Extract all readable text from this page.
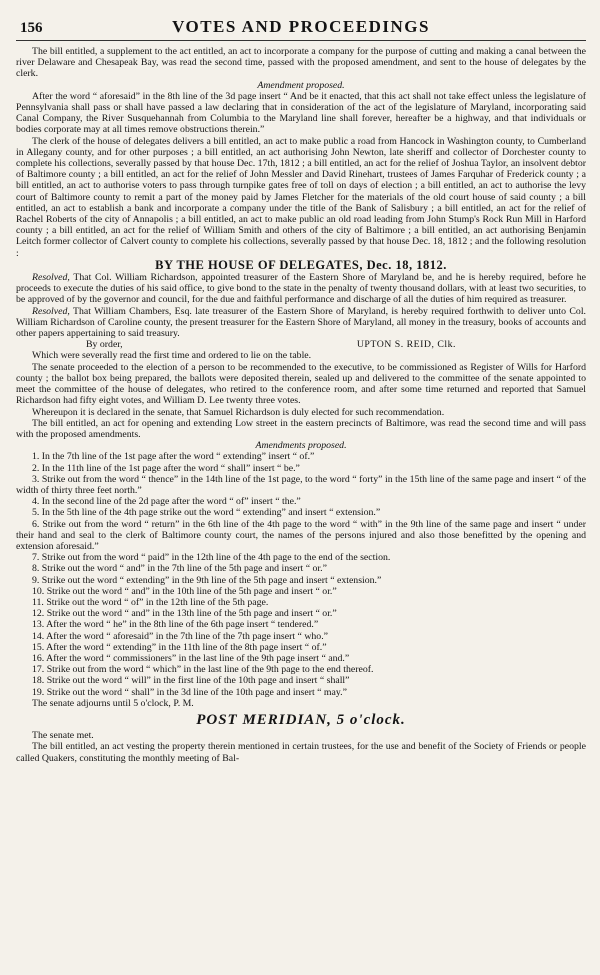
156	VOTES AND PROCEEDINGS

The bill entitled, a supplement to the act entitled, an act to incorporate a company for the purpose of cutting and making a canal between the river Delaware and Chesapeak Bay, was read the second time, passed with the proposed amendment, and sent to the house of delegates by the clerk.

Amendment proposed.

After the word “ aforesaid” in the 8th line of the 3d page insert “ And be it enacted, that this act shall not take effect unless the legislature of Pennsylvania shall pass or shall have passed a law declaring that in consideration of the act of the legislature of Maryland, incorporating said Canal Company, the River Susquehannah from Columbia to the Maryland line shall forever, hereafter be a highway, and that individuals or bodies corporate may at all times remove obstructions therein.”

The clerk of the house of delegates delivers a bill entitled, an act to make public a road from Hancock in Washington county, to Cumberland in Allegany county, and for other purposes ; a bill entitled, an act authorising John Newton, late sheriff and collector of Dorchester county to complete his collections, severally passed by that house Dec. 17th, 1812 ; a bill entitled, an act for the relief of Joshua Taylor, an insolvent debtor of Baltimore county ; a bill entitled, an act for the relief of John Messler and David Rinehart, trustees of James Farquhar of Frederick county ; a bill entitled, an act to authorise voters to pass through turnpike gates free of toll on days of election ; a bill entitled, an act to authorise the levy court of Baltimore county to remit a part of the money paid by James Fletcher for the materials of the old court house of said county ; a bill entitled, an act to establish a bank and incorporate a company under the title of the Bank of Salisbury ; a bill entitled, an act for the relief of Rachel Roberts of the city of Annapolis ; a bill entitled, an act to make public an old road leading from John Stump's Rock Run Mill in Harford county ; a bill entitled, an act for the relief of William Smith and others of the city of Baltimore ; a bill entitled, an act authorising Benjamin Leitch former collector of Calvert county to complete his collections, severally passed by that house Dec. 18, 1812 ; and the following resolution :

BY THE HOUSE OF DELEGATES, Dec. 18, 1812.

Resolved, That Col. William Richardson, appointed treasurer of the Eastern Shore of Maryland be, and he is hereby required, before he proceeds to execute the duties of his said office, to give bond to the state in the penalty of twenty thousand dollars, with at least two securities, to be approved of by the governor and council, for the due and faithful performance and discharge of all the duties of him required as treasurer.

Resolved, That William Chambers, Esq. late treasurer of the Eastern Shore of Maryland, is hereby required forthwith to deliver unto Col. William Richardson of Caroline county, the present treasurer for the Eastern Shore of Maryland, all money in the treasury, books of accounts and other papers appertaining to said treasury.

By order,	UPTON S. REID, Clk.

Which were severally read the first time and ordered to lie on the table.

The senate proceeded to the election of a person to be recommended to the executive, to be commissioned as Register of Wills for Harford county ; the ballot box being prepared, the ballots were deposited therein, sealed up and delivered to the committee of the senate appointed to meet the committee of the house of delegates, who retired to the conference room, and after some time returned and reported that Samuel Richardson had fifty eight votes, and William D. Lee twenty three votes.

Whereupon it is declared in the senate, that Samuel Richardson is duly elected for such recommendation.

The bill entitled, an act for opening and extending Low street in the eastern precincts of Baltimore, was read the second time and will pass with the proposed amendments.

Amendments proposed.

1. In the 7th line of the 1st page after the word “ extending” insert “ of.”
2. In the 11th line of the 1st page after the word “ shall” insert “ be.”
3. Strike out from the word “ thence” in the 14th line of the 1st page, to the word “ forty” in the 15th line of the same page and insert “ of the width of thirty three feet north.”
4. In the second line of the 2d page after the word “ of” insert “ the.”
5. In the 5th line of the 4th page strike out the word “ extending” and insert “ extension.”
6. Strike out from the word “ return” in the 6th line of the 4th page to the word “ with” in the 9th line of the same page and insert “ under their hand and seal to the clerk of Baltimore county court, the names of the persons injured and also those benefitted by the opening and extension aforesaid.”
7. Strike out from the word “ paid” in the 12th line of the 4th page to the end of the section.
8. Strike out the word “ and” in the 7th line of the 5th page and insert “ or.”
9. Strike out the word “ extending” in the 9th line of the 5th page and insert “ extension.”
10. Strike out the word “ and” in the 10th line of the 5th page and insert “ or.”
11. Strike out the word “ of” in the 12th line of the 5th page.
12. Strike out the word “ and” in the 13th line of the 5th page and insert “ or.”
13. After the word “ he” in the 8th line of the 6th page insert “ tendered.”
14. After the word “ aforesaid” in the 7th line of the 7th page insert “ who.”
15. After the word “ extending” in the 11th line of the 8th page insert “ of.”
16. After the word “ commissioners” in the last line of the 9th page insert “ and.”
17. Strike out from the word “ which” in the last line of the 9th page to the end thereof.
18. Strike out the word “ will” in the first line of the 10th page and insert “ shall”
19. Strike out the word “ shall” in the 3d line of the 10th page and insert “ may.”

The senate adjourns until 5 o'clock, P. M.

POST MERIDIAN, 5 o'clock.

The senate met.

The bill entitled, an act vesting the property therein mentioned in certain trustees, for the use and benefit of the Society of Friends or people called Quakers, constituting the monthly meeting of Bal-
